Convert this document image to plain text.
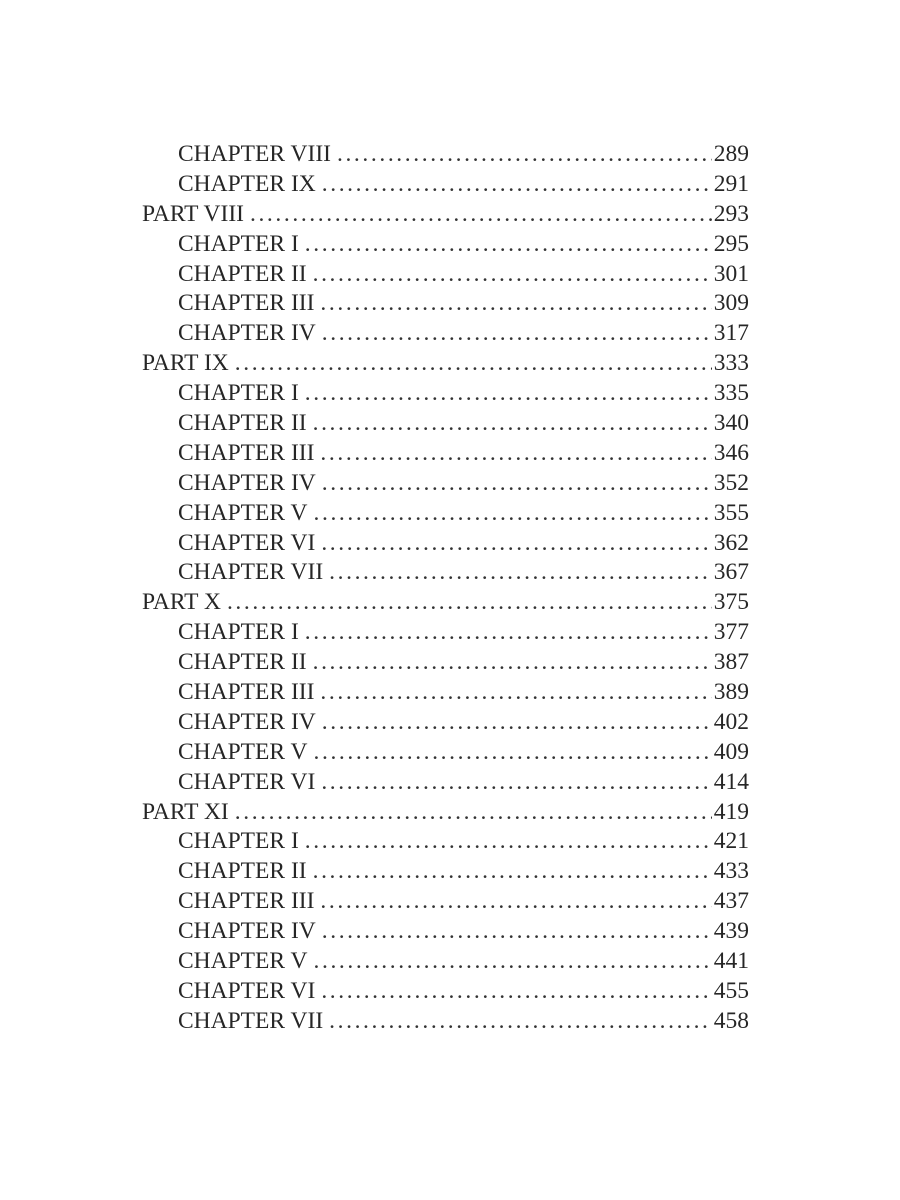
CHAPTER VIII .....	289
CHAPTER IX .....	291
PART VIII .....	293
CHAPTER I .....	295
CHAPTER II .....	301
CHAPTER III .....	309
CHAPTER IV .....	317
PART IX .....	333
CHAPTER I .....	335
CHAPTER II .....	340
CHAPTER III .....	346
CHAPTER IV .....	352
CHAPTER V .....	355
CHAPTER VI .....	362
CHAPTER VII .....	367
PART X .....	375
CHAPTER I .....	377
CHAPTER II .....	387
CHAPTER III .....	389
CHAPTER IV .....	402
CHAPTER V .....	409
CHAPTER VI .....	414
PART XI .....	419
CHAPTER I .....	421
CHAPTER II .....	433
CHAPTER III .....	437
CHAPTER IV .....	439
CHAPTER V .....	441
CHAPTER VI .....	455
CHAPTER VII .....	458
